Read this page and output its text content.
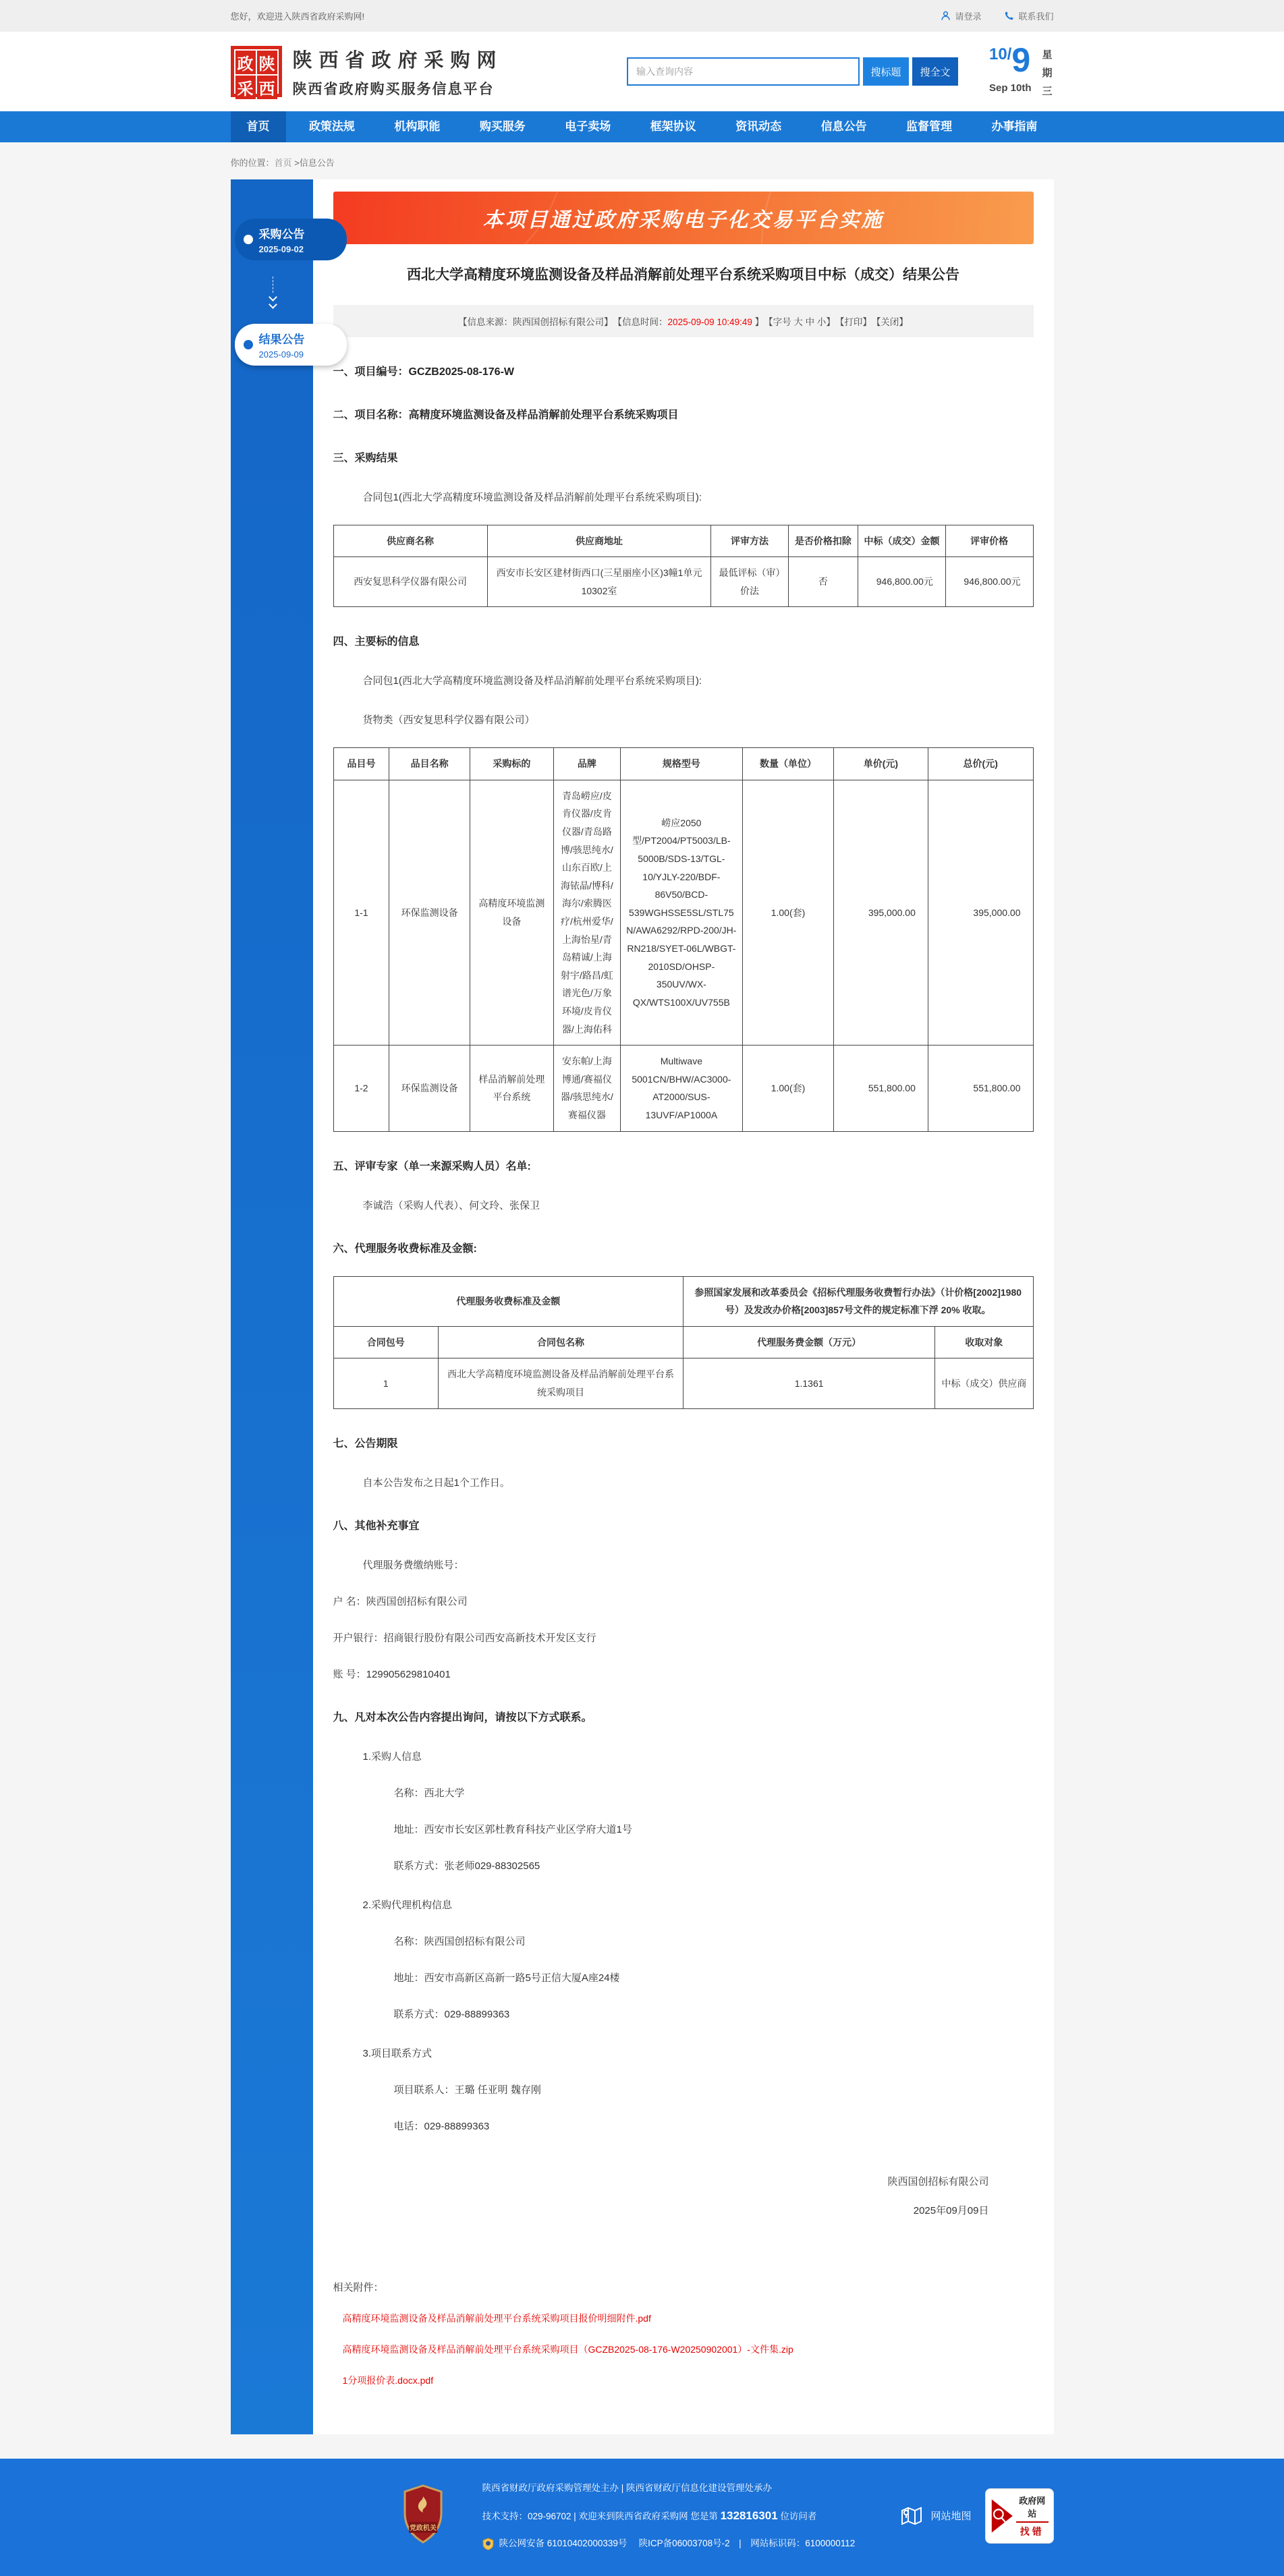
您好，欢迎进入陕西省政府采购网!	请登录	联系我们
政 陕
采 西
陕西省政府采购网
陕西省政府购买服务信息平台
输入查询内容
搜标题	搜全文
10/9
Sep 10th
星期三
首页	政策法规	机构职能	购买服务	电子卖场	框架协议	资讯动态	信息公告	监督管理	办事指南
你的位置：首页 >信息公告
采购公告
2025-09-02
结果公告
2025-09-09
本项目通过政府采购电子化交易平台实施
西北大学高精度环境监测设备及样品消解前处理平台系统采购项目中标（成交）结果公告
【信息来源：陕西国创招标有限公司】　 【信息时间：2025-09-09 10:49:49 】　 【字号 大 中 小】　 【打印】　 【关闭】
一、项目编号：GCZB2025-08-176-W
二、项目名称：高精度环境监测设备及样品消解前处理平台系统采购项目
三、采购结果
合同包1(西北大学高精度环境监测设备及样品消解前处理平台系统采购项目):
供应商名称	供应商地址	评审方法	是否价格扣除	中标（成交）金额	评审价格
西安复思科学仪器有限公司	西安市长安区建材街西口(三星丽座小区)3幢1单元10302室	最低评标（审）价法	否	946,800.00元	946,800.00元
四、主要标的信息
合同包1(西北大学高精度环境监测设备及样品消解前处理平台系统采购项目):
货物类（西安复思科学仪器有限公司）
品目号	品目名称	采购标的	品牌	规格型号	数量（单位）	单价(元)	总价(元)
1-1	环保监测设备	高精度环境监测设备	青岛崂应/皮肯仪器/皮肯仪器/青岛路博/骇思纯水/山东百欧/上海铱晶/博科/海尔/索腾医疗/杭州爱华/上海怡星/青岛精诚/上海射宇/路昌/虹谱光色/万象环境/皮肯仪器/上海佑科	崂应2050型/PT2004/PT5003/LB-5000B/SDS-13/TGL-10/YJLY-220/BDF-86V50/BCD-539WGHSSE5SL/STL75N/AWA6292/RPD-200/JH-RN218/SYET-06L/WBGT-2010SD/OHSP-350UV/WX-QX/WTS100X/UV755B	1.00(套)	395,000.00	395,000.00
1-2	环保监测设备	样品消解前处理平台系统	安东帕/上海博通/赛福仪器/骇思纯水/赛福仪器	Multiwave 5001CN/BHW/AC3000-AT2000/SUS-13UVF/AP1000A	1.00(套)	551,800.00	551,800.00
五、评审专家（单一来源采购人员）名单:
李诚浩（采购人代表）、何文玲、张保卫
六、代理服务收费标准及金额:
代理服务收费标准及金额		参照国家发展和改革委员会《招标代理服务收费暂行办法》（计价格[2002]1980号）及发改办价格[2003]857号文件的规定标准下浮 20% 收取。	
合同包号	合同包名称	代理服务费金额（万元）	收取对象
1	西北大学高精度环境监测设备及样品消解前处理平台系统采购项目	1.1361	中标（成交）供应商
七、公告期限
自本公告发布之日起1个工作日。
八、其他补充事宜
代理服务费缴纳账号：
户 名：陕西国创招标有限公司
开户银行：招商银行股份有限公司西安高新技术开发区支行
账 号：129905629810401
九、凡对本次公告内容提出询问，请按以下方式联系。
1.采购人信息
名称：西北大学
地址：西安市长安区郭杜教育科技产业区学府大道1号
联系方式：张老师029-88302565
2.采购代理机构信息
名称：陕西国创招标有限公司
地址：西安市高新区高新一路5号正信大厦A座24楼
联系方式：029-88899363
3.项目联系方式
项目联系人：王璐 任亚明 魏存刚
电话：029-88899363
陕西国创招标有限公司
2025年09月09日
相关附件：
高精度环境监测设备及样品消解前处理平台系统采购项目报价明细附件.pdf
高精度环境监测设备及样品消解前处理平台系统采购项目（GCZB2025-08-176-W20250902001）-文件集.zip
1分项报价表.docx.pdf
党政机关
陕西省财政厅政府采购管理处主办 | 陕西省财政厅信息化建设管理处承办
技术支持：029-96702 | 欢迎来到陕西省政府采购网 您是第 132816301 位访问者
陕公网安备 61010402000339号　 陕ICP备06003708号-2　|　网站标识码：6100000112
网站地图
政府网站
找错
